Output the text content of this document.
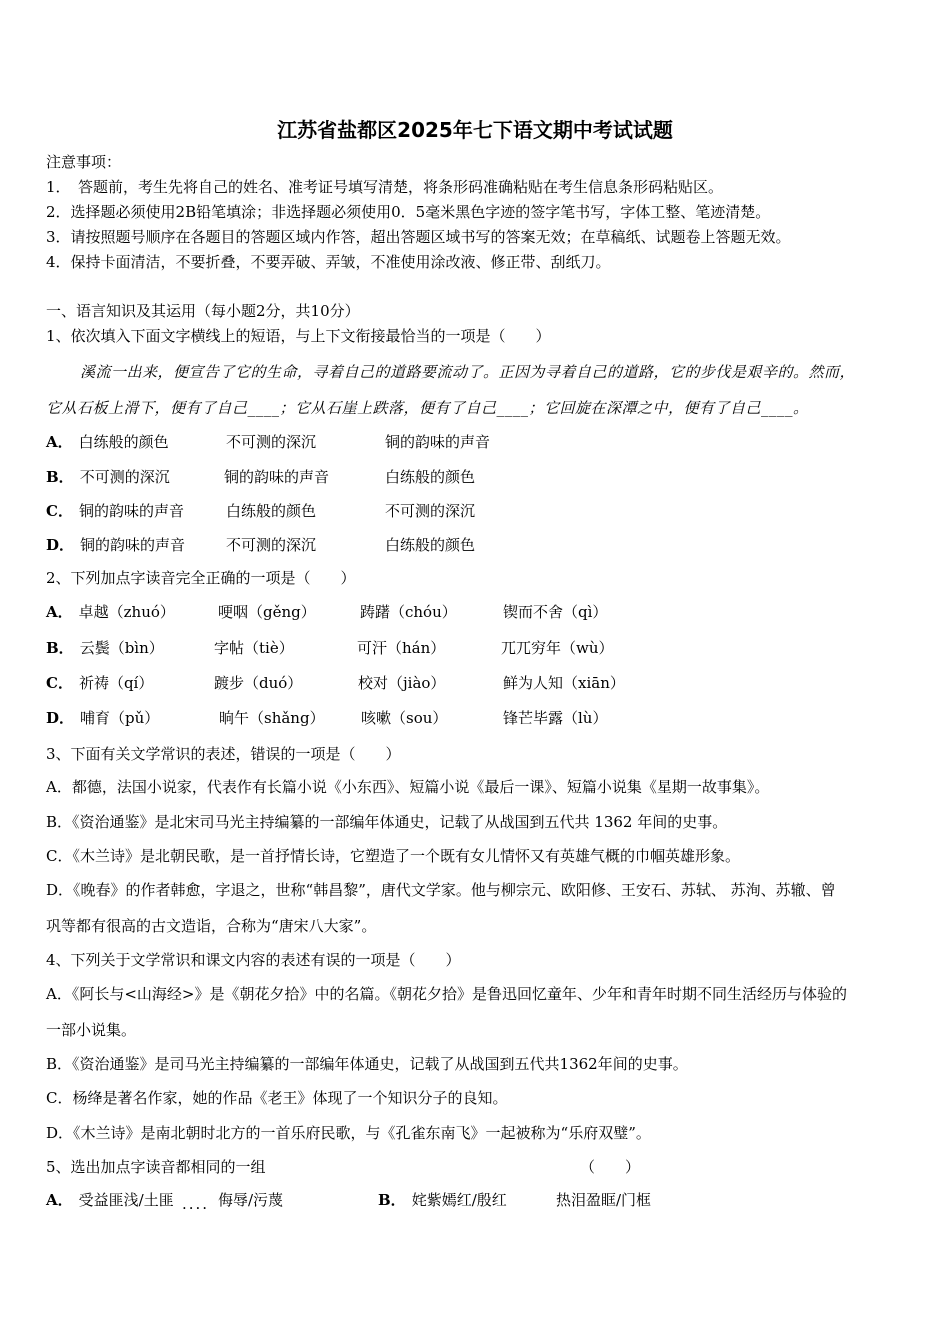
江苏省盐都区2025年七下语文期中考试试题
注意事项：
1．　答题前，考生先将自己的姓名、准考证号填写清楚，将条形码准确粘贴在考生信息条形码粘贴区。
2．选择题必须使用2B铅笔填涂；非选择题必须使用0．5毫米黑色字迹的签字笔书写，字体工整、笔迹清楚。
3．请按照题号顺序在各题目的答题区域内作答，超出答题区域书写的答案无效；在草稿纸、试题卷上答题无效。
4．保持卡面清洁，不要折叠，不要弄破、弄皱，不准使用涂改液、修正带、刮纸刀。
一、语言知识及其运用（每小题2分，共10分）
1、依次填入下面文字横线上的短语，与上下文衔接最恰当的一项是（　　）
溪流一出来，便宣告了它的生命，寻着自己的道路要流动了。正因为寻着自己的道路，它的步伐是艰辛的。然而，
它从石板上滑下，便有了自己____；它从石崖上跌落，便有了自己____；它回旋在深潭之中，便有了自己____。
A． 白练般的颜色	不可测的深沉	铜的韵味的声音
B． 不可测的深沉	铜的韵味的声音	白练般的颜色
C． 铜的韵味的声音	白练般的颜色	不可测的深沉
D． 铜的韵味的声音	不可测的深沉	白练般的颜色
2、下列加点字读音完全正确的一项是（　　）
A． 卓越（zhuó）	哽咽（gěng）	踌躇（chóu）	锲而不舍（qì）
B． 云鬓（bìn）	字帖（tiè）	可汗（hán）	兀兀穷年（wù）
C． 祈祷（qí）	踱步（duó）	校对（jiào）	鲜为人知（xiān）
D． 哺育（pǔ）	晌午（shǎng） 咳嗽（sou）	锋芒毕露（lù）
3、下面有关文学常识的表述，错误的一项是（　　）
A．都德，法国小说家，代表作有长篇小说《小东西》、短篇小说《最后一课》、短篇小说集《星期一故事集》。
B．《资治通鉴》是北宋司马光主持编纂的一部编年体通史，记载了从战国到五代共 1362 年间的史事。
C．《木兰诗》是北朝民歌，是一首抒情长诗，它塑造了一个既有女儿情怀又有英雄气概的巾帼英雄形象。
D．《晚春》的作者韩愈，字退之，世称“韩昌黎”，唐代文学家。他与柳宗元、欧阳修、王安石、苏轼、 苏洵、苏辙、曾
巩等都有很高的古文造诣，合称为“唐宋八大家”。
4、下列关于文学常识和课文内容的表述有误的一项是（　　）
A．《阿长与<山海经>》是《朝花夕拾》中的名篇。《朝花夕拾》是鲁迅回忆童年、少年和青年时期不同生活经历与体验的
一部小说集。
B．《资治通鉴》是司马光主持编纂的一部编年体通史，记载了从战国到五代共1362年间的史事。
C．杨绛是著名作家，她的作品《老王》体现了一个知识分子的良知。
D．《木兰诗》是南北朝时北方的一首乐府民歌，与《孔雀东南飞》一起被称为“乐府双璧”。
5、选出加点字读音都相同的一组	（　　）
A． 受益匪浅/土匪 .... 侮辱/污蔑	B． 姹紫嫣红/殷红	热泪盈眶/门框
